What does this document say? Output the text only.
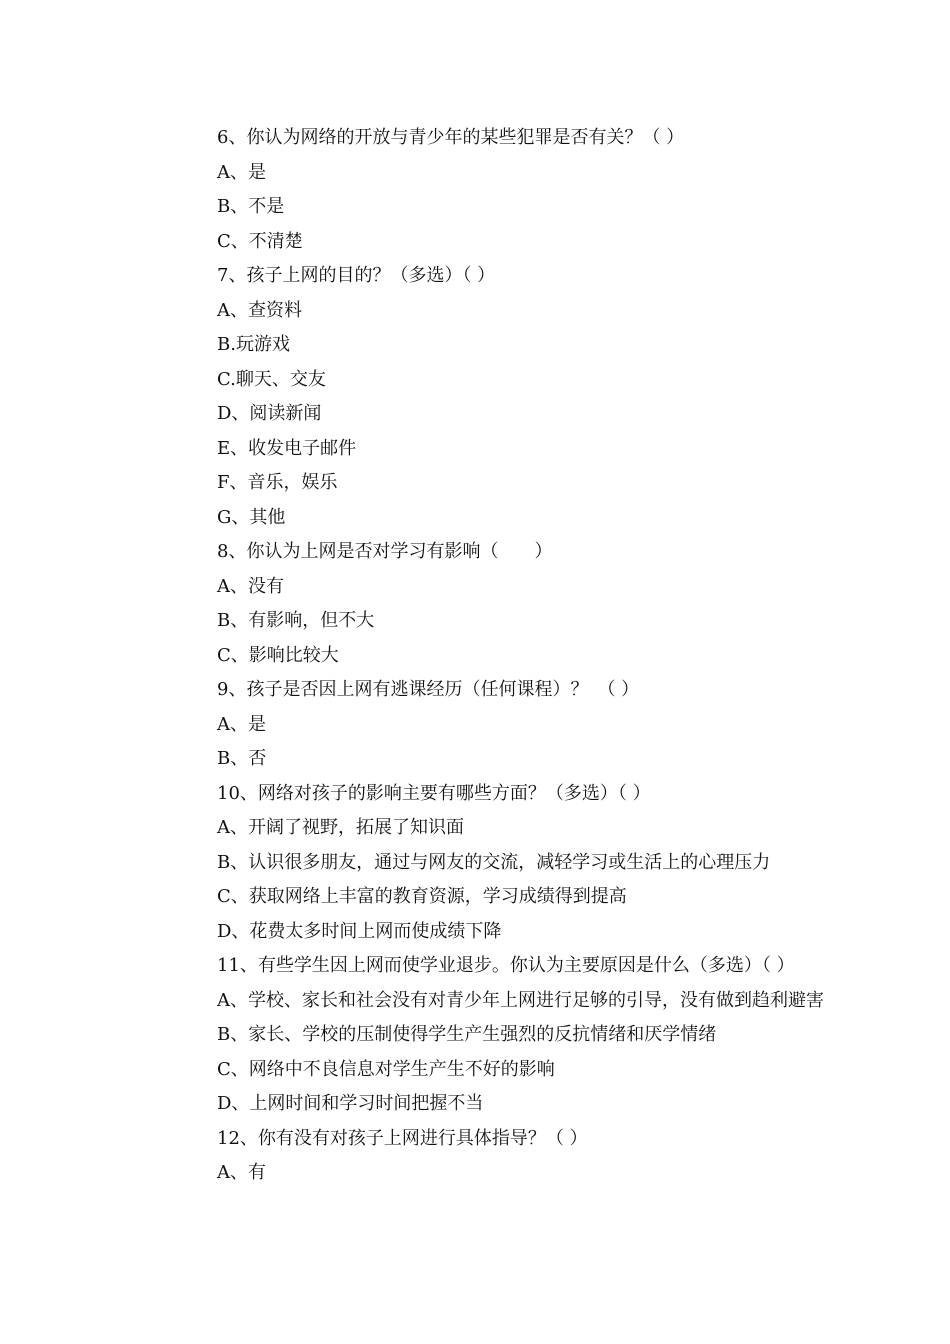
6、你认为网络的开放与青少年的某些犯罪是否有关？（ ）
A、是
B、不是
C、不清楚
7、孩子上网的目的？（多选）（ ）
A、查资料
B.玩游戏
C.聊天、交友
D、阅读新闻
E、收发电子邮件
F、音乐，娱乐
G、其他
8、你认为上网是否对学习有影响（　　）
A、没有
B、有影响，但不大
C、影响比较大
9、孩子是否因上网有逃课经历（任何课程）？　（ ）
A、是
B、否
10、网络对孩子的影响主要有哪些方面？（多选）（ ）
A、开阔了视野，拓展了知识面
B、认识很多朋友，通过与网友的交流，减轻学习或生活上的心理压力
C、获取网络上丰富的教育资源，学习成绩得到提高
D、花费太多时间上网而使成绩下降
11、有些学生因上网而使学业退步。你认为主要原因是什么（多选）（ ）
A、学校、家长和社会没有对青少年上网进行足够的引导，没有做到趋利避害
B、家长、学校的压制使得学生产生强烈的反抗情绪和厌学情绪
C、网络中不良信息对学生产生不好的影响
D、上网时间和学习时间把握不当
12、你有没有对孩子上网进行具体指导？（ ）
A、有
